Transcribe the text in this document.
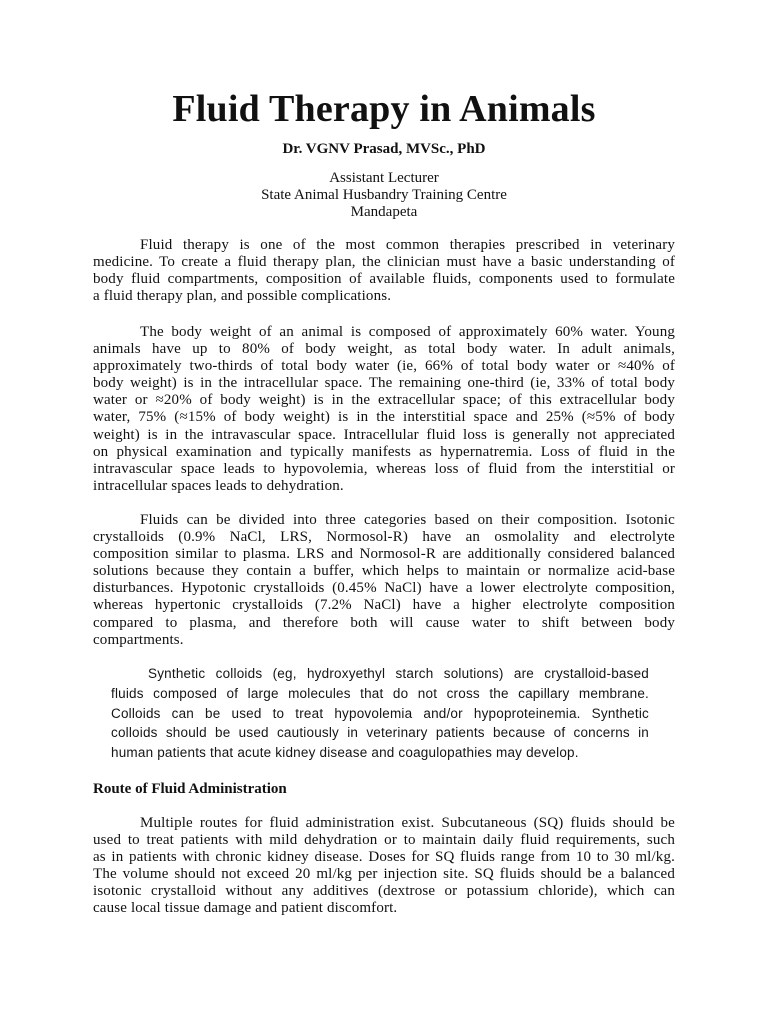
Fluid Therapy in Animals
Dr. VGNV Prasad, MVSc., PhD
Assistant Lecturer
State Animal Husbandry Training Centre
Mandapeta
Fluid therapy is one of the most common therapies prescribed in veterinary
medicine. To create a fluid therapy plan, the clinician must have a basic understanding of
body fluid compartments, composition of available fluids, components used to formulate
a fluid therapy plan, and possible complications.
The body weight of an animal is composed of approximately 60% water. Young
animals have up to 80% of body weight, as total body water. In adult animals,
approximately two-thirds of total body water (ie, 66% of total body water or ≈40% of
body weight) is in the intracellular space. The remaining one-third (ie, 33% of total body
water or ≈20% of body weight) is in the extracellular space; of this extracellular body
water, 75% (≈15% of body weight) is in the interstitial space and 25% (≈5% of body
weight) is in the intravascular space. Intracellular fluid loss is generally not appreciated
on physical examination and typically manifests as hypernatremia. Loss of fluid in the
intravascular space leads to hypovolemia, whereas loss of fluid from the interstitial or
intracellular spaces leads to dehydration.
Fluids can be divided into three categories based on their composition. Isotonic
crystalloids (0.9% NaCl, LRS, Normosol-R) have an osmolality and electrolyte
composition similar to plasma. LRS and Normosol-R are additionally considered balanced
solutions because they contain a buffer, which helps to maintain or normalize acid-base
disturbances. Hypotonic crystalloids (0.45% NaCl) have a lower electrolyte composition,
whereas hypertonic crystalloids (7.2% NaCl) have a higher electrolyte composition
compared to plasma, and therefore both will cause water to shift between body
compartments.
Synthetic colloids (eg, hydroxyethyl starch solutions) are crystalloid-based
fluids composed of large molecules that do not cross the capillary membrane.
Colloids can be used to treat hypovolemia and/or hypoproteinemia. Synthetic
colloids should be used cautiously in veterinary patients because of concerns in
human patients that acute kidney disease and coagulopathies may develop.
Route of Fluid Administration
Multiple routes for fluid administration exist. Subcutaneous (SQ) fluids should be
used to treat patients with mild dehydration or to maintain daily fluid requirements, such
as in patients with chronic kidney disease. Doses for SQ fluids range from 10 to 30 ml/kg.
The volume should not exceed 20 ml/kg per injection site. SQ fluids should be a balanced
isotonic crystalloid without any additives (dextrose or potassium chloride), which can
cause local tissue damage and patient discomfort.
